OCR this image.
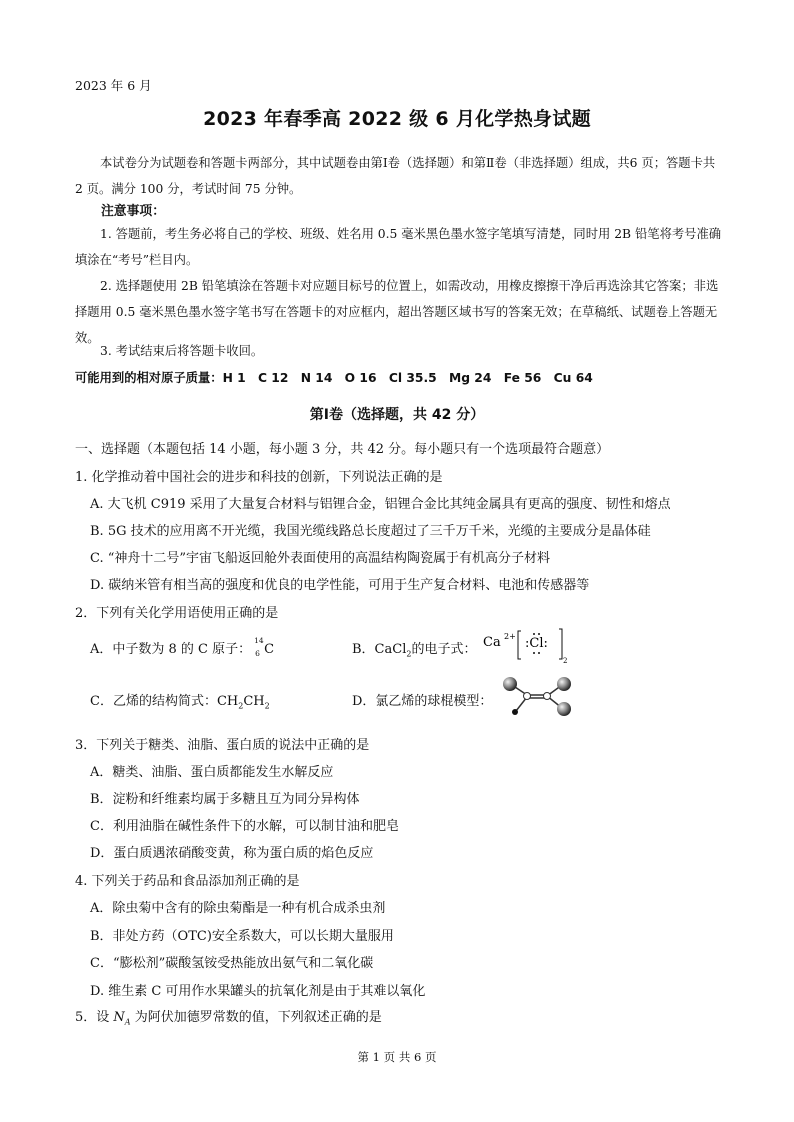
2023 年 6 月
2023 年春季高 2022 级 6 月化学热身试题

本试卷分为试题卷和答题卡两部分，其中试题卷由第Ⅰ卷（选择题）和第Ⅱ卷（非选择题）组成，共6 页；答题卡共 2 页。满分 100 分，考试时间 75 分钟。

注意事项：

1. 答题前，考生务必将自己的学校、班级、姓名用 0.5 毫米黑色墨水签字笔填写清楚，同时用 2B 铅笔将考号准确填涂在“考号”栏目内。

2. 选择题使用 2B 铅笔填涂在答题卡对应题目标号的位置上，如需改动，用橡皮擦擦干净后再选涂其它答案；非选择题用 0.5 毫米黑色墨水签字笔书写在答题卡的对应框内，超出答题区域书写的答案无效；在草稿纸、试题卷上答题无效。

3. 考试结束后将答题卡收回。

可能用到的相对原子质量：H 1　C 12　N 14　O 16　Cl 35.5　Mg 24　Fe 56　Cu 64
第Ⅰ卷（选择题，共 42 分）
一、选择题（本题包括 14 小题，每小题 3 分，共 42 分。每小题只有一个选项最符合题意）
1. 化学推动着中国社会的进步和科技的创新，下列说法正确的是
A. 大飞机 C919 采用了大量复合材料与铝锂合金，铝锂合金比其纯金属具有更高的强度、韧性和熔点
B. 5G 技术的应用离不开光缆，我国光缆线路总长度超过了三千万千米，光缆的主要成分是晶体硅
C. “神舟十二号”宇宙飞船返回舱外表面使用的高温结构陶瓷属于有机高分子材料
D. 碳纳米管有相当高的强度和优良的电学性能，可用于生产复合材料、电池和传感器等
2．下列有关化学用语使用正确的是
A．中子数为 8 的 C 原子：
14
6 C	B．CaCl$_2$的电子式： Ca 2+ :Cl:
2
C．乙烯的结构简式：$CH_2CH_2$	D．氯乙烯的球棍模型：
3．下列关于糖类、油脂、蛋白质的说法中正确的是
A．糖类、油脂、蛋白质都能发生水解反应
B．淀粉和纤维素均属于多糖且互为同分异构体
C．利用油脂在碱性条件下的水解，可以制甘油和肥皂
D．蛋白质遇浓硝酸变黄，称为蛋白质的焰色反应
4. 下列关于药品和食品添加剂正确的是
A．除虫菊中含有的除虫菊酯是一种有机合成杀虫剂
B．非处方药（OTC)安全系数大，可以长期大量服用
C．“膨松剂”碳酸氢铵受热能放出氨气和二氧化碳
D. 维生素 C 可用作水果罐头的抗氧化剂是由于其难以氧化
5．设 $N_A$ 为阿伏加德罗常数的值，下列叙述正确的是
第 1 页 共 6 页
